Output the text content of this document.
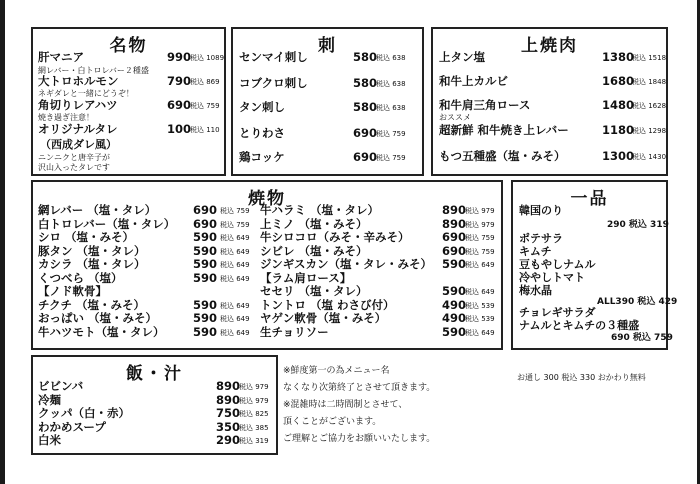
名物
肝マニア	990
税込 1089
網レバー・白トロレバー２種盛
大トロホルモン	790
税込 869
ネギダレと一緒にどうぞ！
角切りレアハツ	690
税込 759
焼き過ぎ注意！
オリジナルタレ	100
税込 110
（西成ダレ風）
ニンニクと唐辛子が
沢山入ったタレです
刺
センマイ刺し	580
税込 638
コブクロ刺し	580
税込 638
タン刺し	580
税込 638
とりわさ	690
税込 759
鶏コッケ	690
税込 759
上焼肉
上タン塩	1380
税込 1518
和牛上カルビ	1680
税込 1848
和牛肩三角ロース	1480
税込 1628
おススメ
超新鮮 和牛焼き上レバー	1180
税込 1298
もつ五種盛（塩・みそ）	1300
税込 1430
焼物
網レバー （塩・タレ）	690 税込 759
白トロレバー（塩・タレ） 690 税込 759
シロ （塩・みそ）	590 税込 649
豚タン （塩・タレ）	590 税込 649
カシラ （塩・タレ）	590 税込 649
くつべら （塩）	590 税込 649
【ノド軟骨】
チクチ （塩・みそ）	590 税込 649
おっぱい （塩・みそ）	590 税込 649
牛ハツモト（塩・タレ） 590 税込 649
牛ハラミ （塩・タレ）	890
税込 979
上ミノ （塩・みそ）	890
税込 979
牛シロコロ（みそ・辛みそ）	690
税込 759
シビレ （塩・みそ）	690
税込 759
ジンギスカン（塩・タレ・みそ） 590
税込 649
【ラム肩ロース】
セセリ （塩・タレ）	590
税込 649
トントロ （塩 わさび付）	490
税込 539
ヤゲン軟骨（塩・みそ）	490
税込 539
生チョリソー	590
税込 649
一品
韓国のり
290 税込 319
ポテサラ
キムチ
豆もやしナムル
冷やしトマト
梅水晶
ALL390 税込 429
チョレギサラダ
ナムルとキムチの３種盛
690 税込 759
飯・汁
ビビンバ	890
税込 979
冷麺	890
税込 979
クッパ（白・赤）	750
税込 825
わかめスープ	350
税込 385
白米	290
税込 319
※鮮度第一の為メニュー名
なくなり次第終了とさせて頂きます。
※混雑時は二時間制とさせて、
頂くことがございます。
ご理解とご協力をお願いいたします。
お通し 300 税込 330 おかわり無料
